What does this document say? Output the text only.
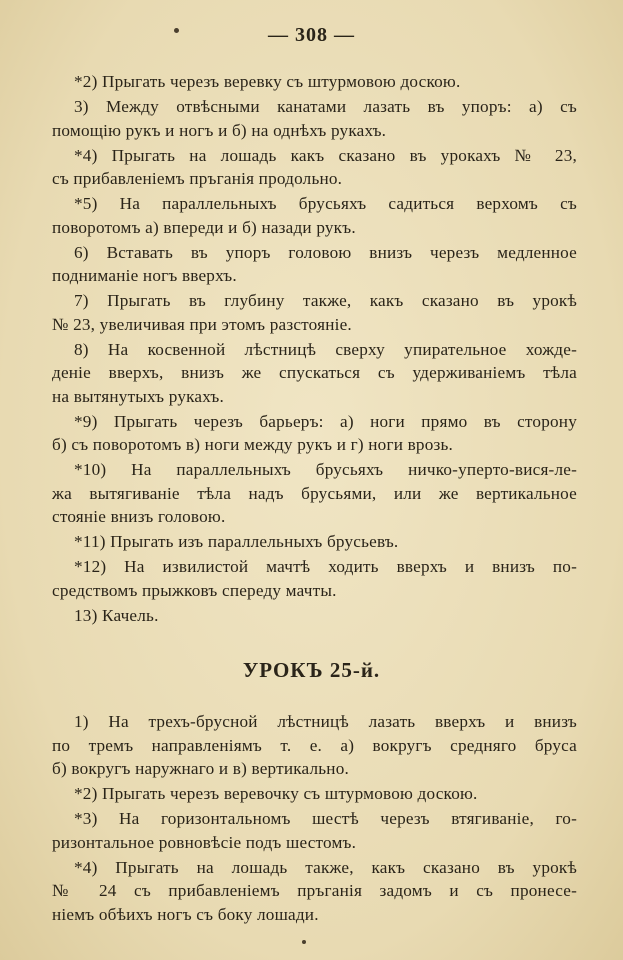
— 308 —
*2) Прыгать черезъ веревку съ штурмовою доскою.
3) Между отвѣсными канатами лазать въ упоръ: а) съ
помощію рукъ и ногъ и б) на однѣхъ рукахъ.
*4) Прыгать на лошадь какъ сказано въ урокахъ № 23,
съ прибавленіемъ пръганія продольно.
*5) На параллельныхъ брусьяхъ садиться верхомъ съ
поворотомъ а) впереди и б) назади рукъ.
6) Вставать въ упоръ головою внизъ черезъ медленное
подниманіе ногъ вверхъ.
7) Прыгать въ глубину также, какъ сказано въ урокѣ
№ 23, увеличивая при этомъ разстояніе.
8) На косвенной лѣстницѣ сверху упирательное хожде-
деніе вверхъ, внизъ же спускаться съ удерживаніемъ тѣла
на вытянутыхъ рукахъ.
*9) Прыгать черезъ барьеръ: а) ноги прямо въ сторону
б) съ поворотомъ в) ноги между рукъ и г) ноги врозь.
*10) На параллельныхъ брусьяхъ ничко-уперто-вися-ле-
жа вытягиванiе тѣла надъ брусьями, или же вертикальное
стояніе внизъ головою.
*11) Прыгать изъ параллельныхъ брусьевъ.
*12) На извилистой мачтѣ ходить вверхъ и внизъ по-
средствомъ прыжковъ спереду мачты.
13) Качель.
УРОКЪ 25-й.
1) На трехъ-брусной лѣстницѣ лазать вверхъ и внизъ
по тремъ направленіямъ т. е. а) вокругъ средняго бруса
б) вокругъ наружнаго и в) вертикально.
*2) Прыгать черезъ веревочку съ штурмовою доскою.
*3) На горизонтальномъ шестѣ черезъ втягиваніе, го-
ризонтальное ровновѣсіе подъ шестомъ.
*4) Прыгать на лошадь также, какъ сказано въ урокѣ
№ 24 съ прибавленіемъ пръганія задомъ и съ пронесе-
ніемъ обѣихъ ногъ съ боку лошади.
